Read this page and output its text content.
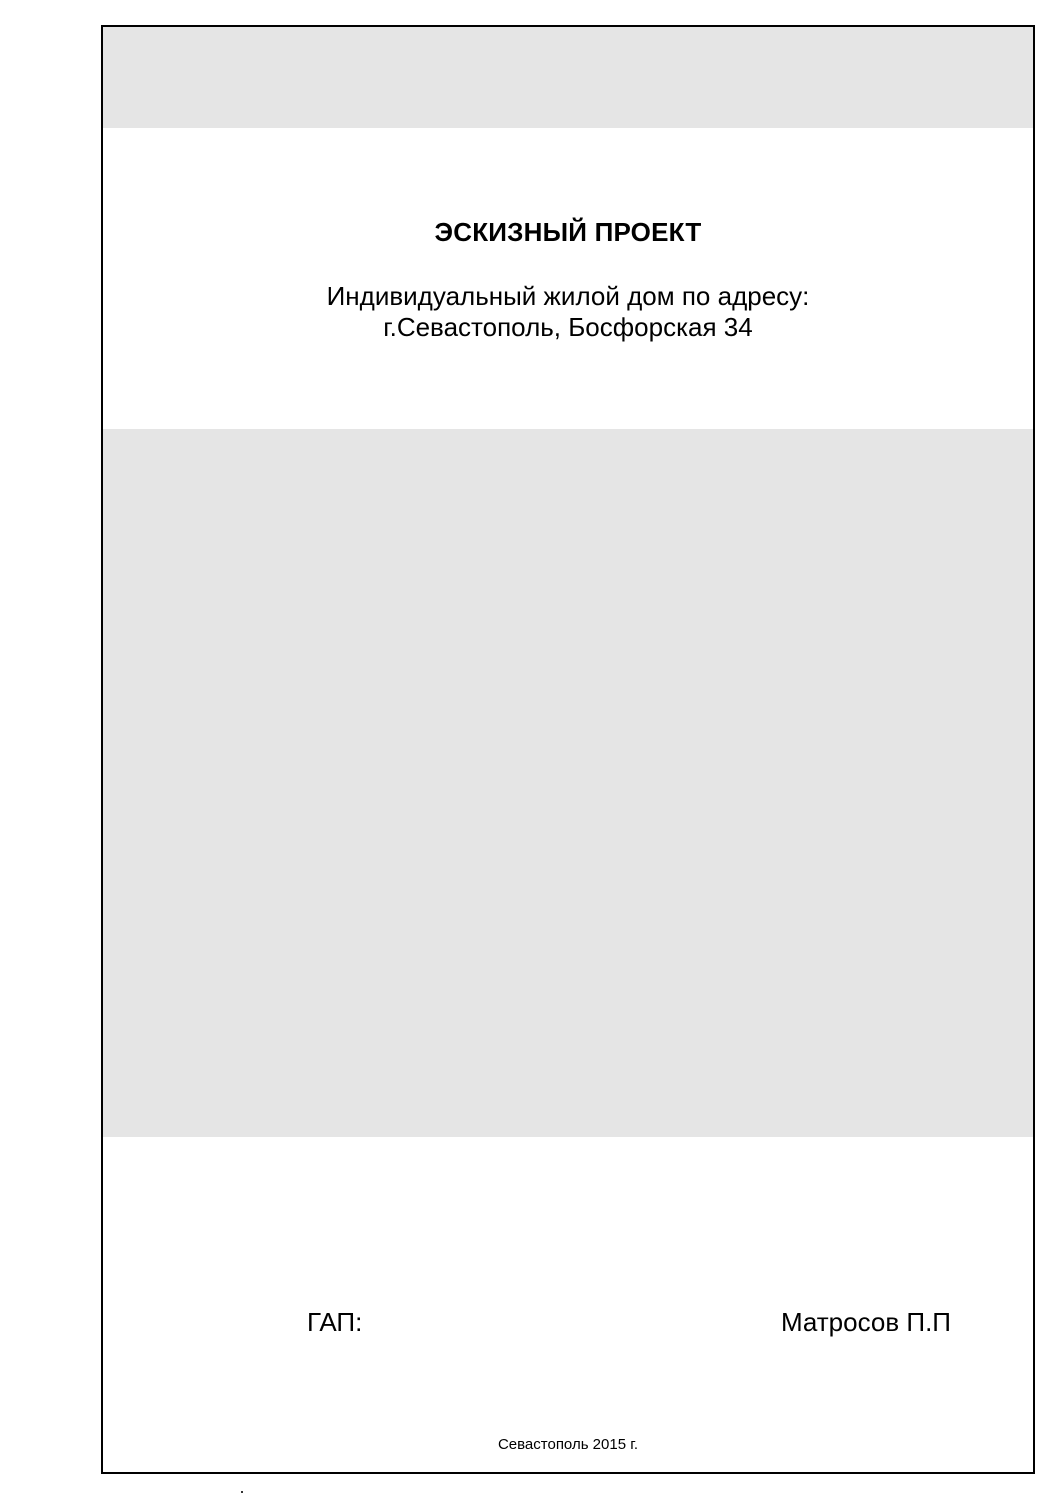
ЭСКИЗНЫЙ ПРОЕКТ
Индивидуальный жилой дом по адресу:
г.Севастополь, Босфорская 34
ГАП:	Матросов П.П
Севастополь 2015 г.
